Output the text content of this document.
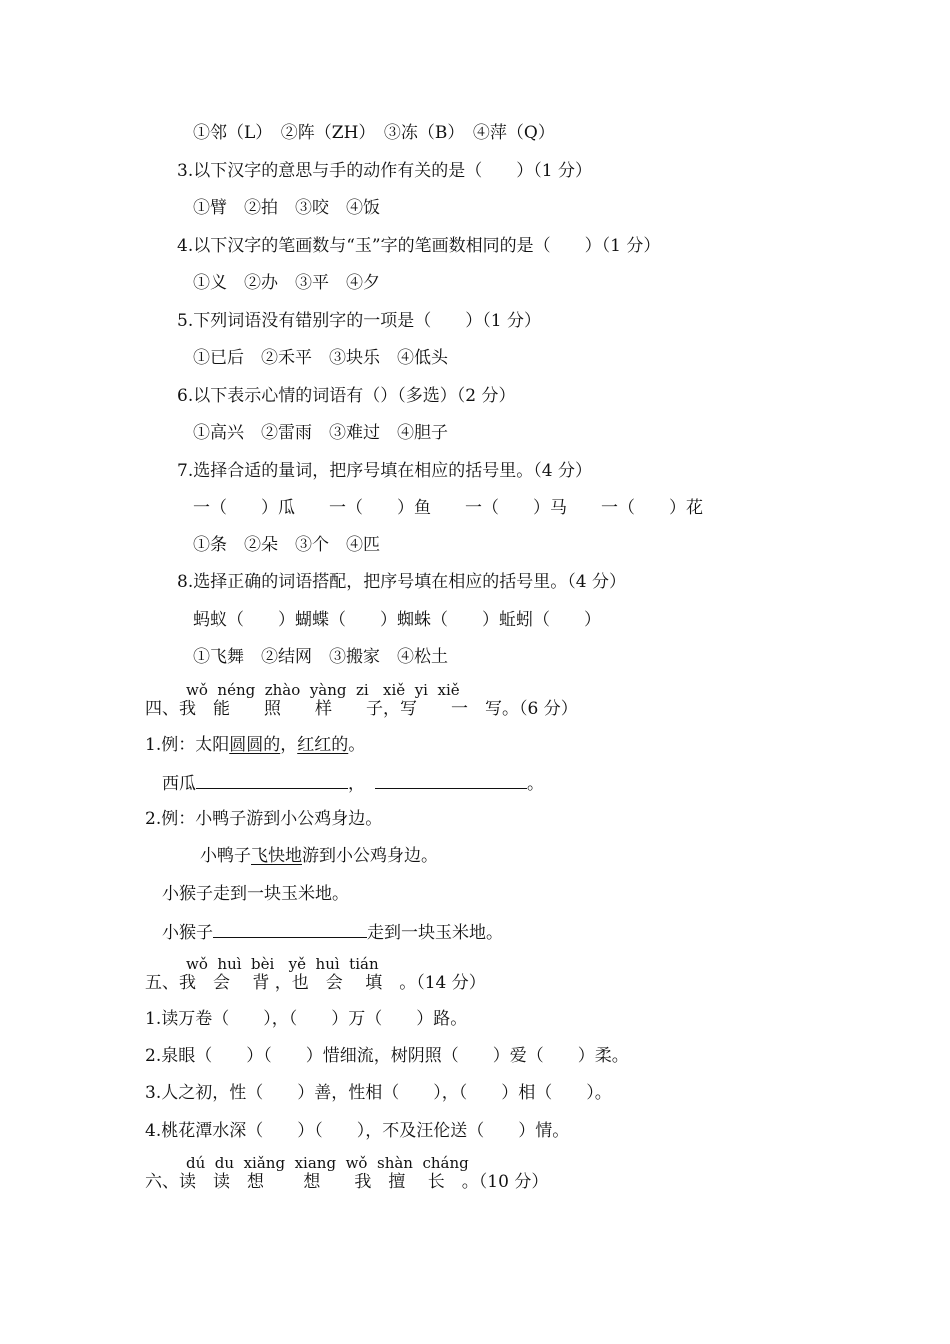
①邻（L）　②阵（ZH）　③冻（B）　④萍（Q）
3.以下汉字的意思与手的动作有关的是（　　）（1 分）
①臂　②拍　③咬　④饭
4.以下汉字的笔画数与“玉”字的笔画数相同的是（　　）（1 分）
①义　②办　③平　④夕
5.下列词语没有错别字的一项是（　　）（1 分）
①已后　②禾平　③块乐　④低头
6.以下表示心情的词语有（）（多选）（2 分）
①高兴　②雷雨　③难过　④胆子
7.选择合适的量词，把序号填在相应的括号里。（4 分）
一（　　）瓜　　一（　　）鱼　　一（　　）马　　一（　　）花
①条　②朵　③个　④匹
8.选择正确的词语搭配，把序号填在相应的括号里。（4 分）
蚂蚁（　　）蝴蝶（　　）蜘蛛（　　）蚯蚓（　　）
①飞舞　②结网　③搬家　④松土
wǒ  néng  zhào  yàng  zi   xiě  yi  xiě
四、我　能　　照　　样　　子，写　　一　写。（6 分）
1.例：太阳圆圆的，红红的。
西瓜	，	。
2.例：小鸭子游到小公鸡身边。
小鸭子飞快地游到小公鸡身边。
小猴子走到一块玉米地。
小猴子	走到一块玉米地。
wǒ  huì  bèi   yě  huì  tián
五、我　会　 背 ，也　会　 填　。（14 分）
1.读万卷（　　），（　　）万（　　）路。
2.泉眼（　　）（　　）惜细流，树阴照（　　）爱（　　）柔。
3.人之初，性（　　）善，性相（　　），（　　）相（　　）。
4.桃花潭水深（　　）（　　），不及汪伦送（　　）情。
dú  du  xiǎng  xiang  wǒ  shàn  cháng
六、读　读　想　　 想　　我　擅　 长　。（10 分）
